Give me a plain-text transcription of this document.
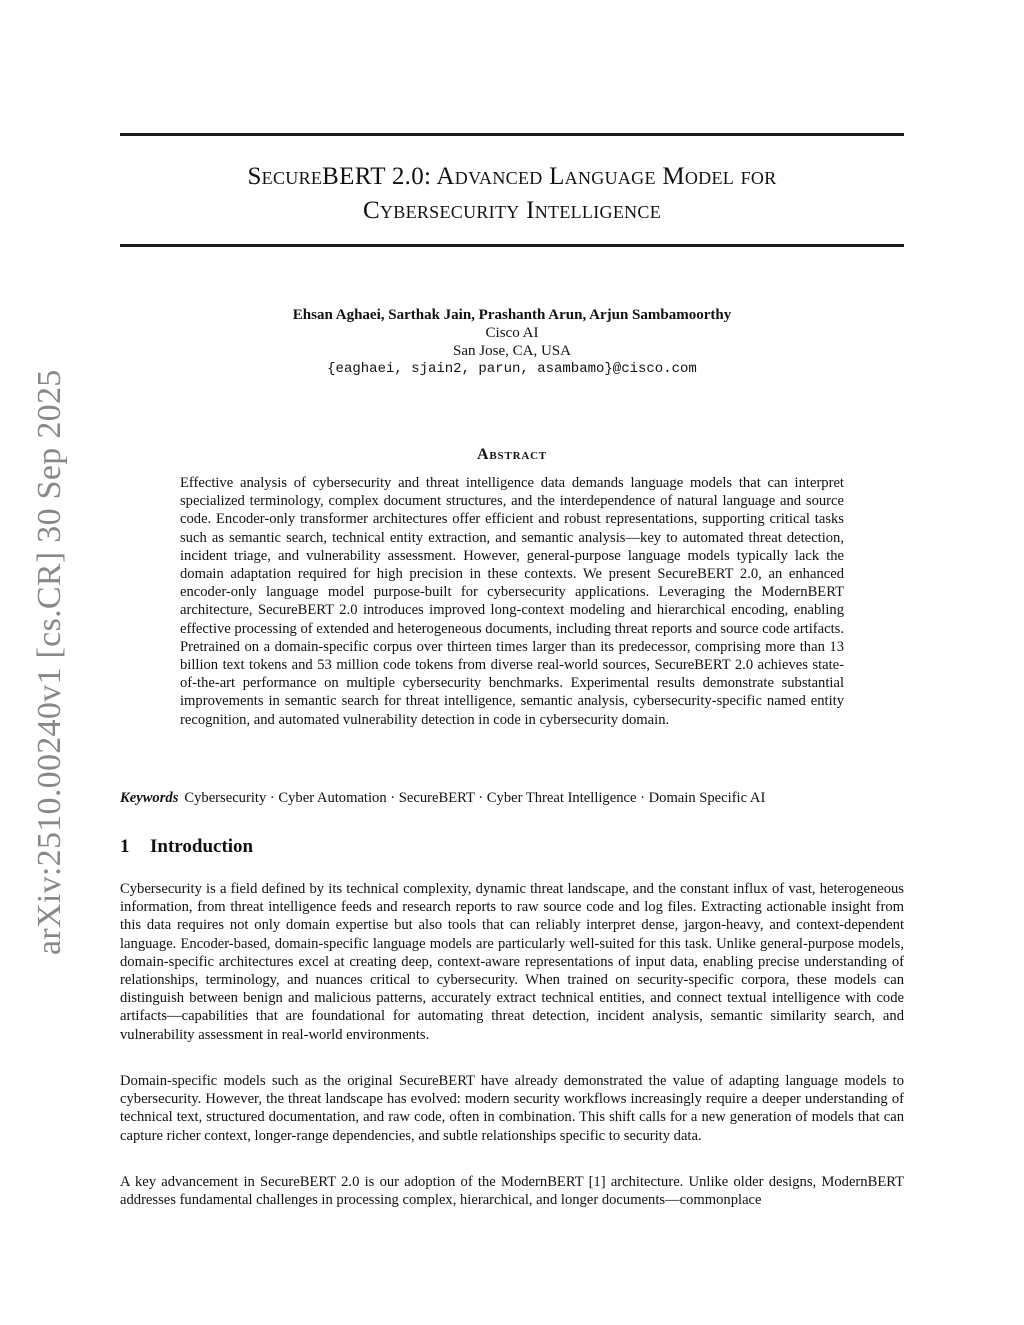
SecureBERT 2.0: Advanced Language Model for
Cybersecurity Intelligence
arXiv:2510.00240v1 [cs.CR] 30 Sep 2025
Ehsan Aghaei, Sarthak Jain, Prashanth Arun, Arjun Sambamoorthy
Cisco AI
San Jose, CA, USA
{eaghaei, sjain2, parun, asambamo}@cisco.com
Abstract
Effective analysis of cybersecurity and threat intelligence data demands language models that can interpret specialized terminology, complex document structures, and the interdependence of natural language and source code. Encoder-only transformer architectures offer efficient and robust representations, supporting critical tasks such as semantic search, technical entity extraction, and semantic analysis—key to automated threat detection, incident triage, and vulnerability assessment. However, general-purpose language models typically lack the domain adaptation required for high precision in these contexts. We present SecureBERT 2.0, an enhanced encoder-only language model purpose-built for cybersecurity applications. Leveraging the ModernBERT architecture, SecureBERT 2.0 introduces improved long-context modeling and hierarchical encoding, enabling effective processing of extended and heterogeneous documents, including threat reports and source code artifacts. Pretrained on a domain-specific corpus over thirteen times larger than its predecessor, comprising more than 13 billion text tokens and 53 million code tokens from diverse real-world sources, SecureBERT 2.0 achieves state-of-the-art performance on multiple cybersecurity benchmarks. Experimental results demonstrate substantial improvements in semantic search for threat intelligence, semantic analysis, cybersecurity-specific named entity recognition, and automated vulnerability detection in code in cybersecurity domain.
Keywords Cybersecurity · Cyber Automation · SecureBERT · Cyber Threat Intelligence · Domain Specific AI
1 Introduction

Cybersecurity is a field defined by its technical complexity, dynamic threat landscape, and the constant influx of vast, heterogeneous information, from threat intelligence feeds and research reports to raw source code and log files. Extracting actionable insight from this data requires not only domain expertise but also tools that can reliably interpret dense, jargon-heavy, and context-dependent language. Encoder-based, domain-specific language models are particularly well-suited for this task. Unlike general-purpose models, domain-specific architectures excel at creating deep, context-aware representations of input data, enabling precise understanding of relationships, terminology, and nuances critical to cybersecurity. When trained on security-specific corpora, these models can distinguish between benign and malicious patterns, accurately extract technical entities, and connect textual intelligence with code artifacts—capabilities that are foundational for automating threat detection, incident analysis, semantic similarity search, and vulnerability assessment in real-world environments.

Domain-specific models such as the original SecureBERT have already demonstrated the value of adapting language models to cybersecurity. However, the threat landscape has evolved: modern security workflows increasingly require a deeper understanding of technical text, structured documentation, and raw code, often in combination. This shift calls for a new generation of models that can capture richer context, longer-range dependencies, and subtle relationships specific to security data.

A key advancement in SecureBERT 2.0 is our adoption of the ModernBERT [1] architecture. Unlike older designs, ModernBERT addresses fundamental challenges in processing complex, hierarchical, and longer documents—commonplace
